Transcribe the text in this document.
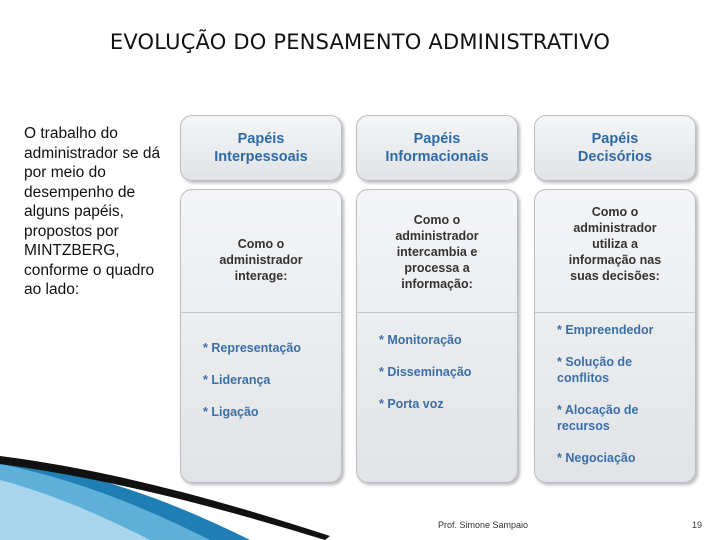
EVOLUÇÃO DO PENSAMENTO ADMINISTRATIVO
O trabalho do administrador se dá por meio do desempenho de alguns papéis, propostos por MINTZBERG, conforme o quadro ao lado:
Papéis
Interpessoais
Como o
administrador
interage:
* Representação
* Liderança
* Ligação
Papéis
Informacionais
Como o
administrador
intercambia e
processa a
informação:
* Monitoração
* Disseminação
* Porta voz
Papéis
Decisórios
Como o
administrador
utiliza a
informação nas
suas decisões:
* Empreendedor
* Solução de
conflitos
* Alocação de
recursos
* Negociação
Prof. Simone Sampaio	19
